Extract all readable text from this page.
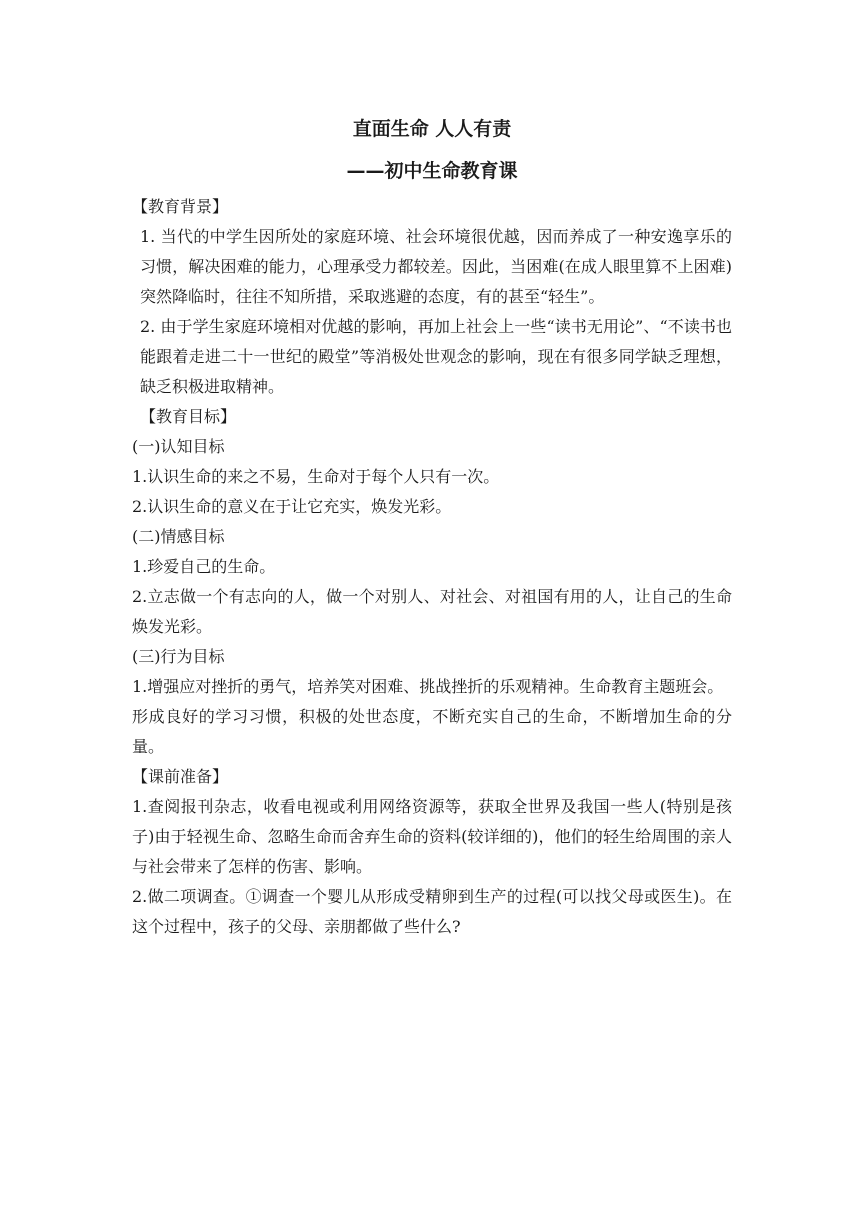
直面生命 人人有责
——初中生命教育课

【教育背景】

1. 当代的中学生因所处的家庭环境、社会环境很优越，因而养成了一种安逸享乐的习惯，解决困难的能力，心理承受力都较差。因此，当困难(在成人眼里算不上困难)突然降临时，往往不知所措，采取逃避的态度，有的甚至“轻生”。

2. 由于学生家庭环境相对优越的影响，再加上社会上一些“读书无用论”、“不读书也能跟着走进二十一世纪的殿堂”等消极处世观念的影响，现在有很多同学缺乏理想，缺乏积极进取精神。

【教育目标】

(一)认知目标

1.认识生命的来之不易，生命对于每个人只有一次。

2.认识生命的意义在于让它充实，焕发光彩。

(二)情感目标

1.珍爱自己的生命。

2.立志做一个有志向的人，做一个对别人、对社会、对祖国有用的人，让自己的生命焕发光彩。

(三)行为目标

1.增强应对挫折的勇气，培养笑对困难、挑战挫折的乐观精神。生命教育主题班会。

形成良好的学习习惯，积极的处世态度，不断充实自己的生命，不断增加生命的分量。

【课前准备】

1.查阅报刊杂志，收看电视或利用网络资源等，获取全世界及我国一些人(特别是孩子)由于轻视生命、忽略生命而舍弃生命的资料(较详细的)，他们的轻生给周围的亲人与社会带来了怎样的伤害、影响。

2.做二项调查。①调查一个婴儿从形成受精卵到生产的过程(可以找父母或医生)。在这个过程中，孩子的父母、亲朋都做了些什么?
